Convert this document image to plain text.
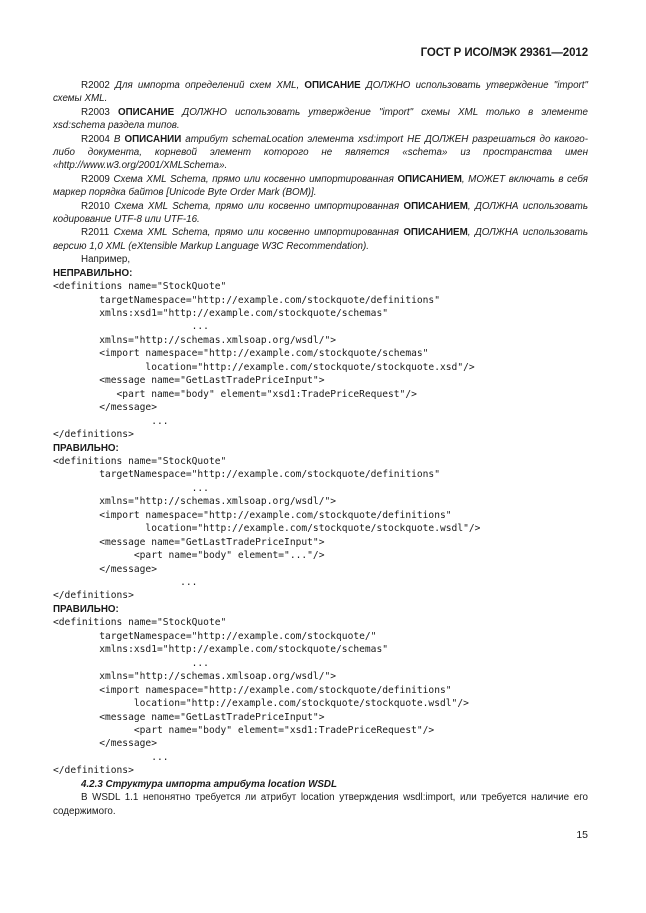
ГОСТ Р ИСО/МЭК 29361—2012

R2002 Для импорта определений схем XML, ОПИСАНИЕ ДОЛЖНО использовать утверждение "import" схемы XML.

R2003 ОПИСАНИЕ ДОЛЖНО использовать утверждение "import" схемы XML только в элементе xsd:schema раздела типов.

R2004 В ОПИСАНИИ атрибут schemaLocation элемента xsd:import НЕ ДОЛЖЕН разрешаться до какого-либо документа, корневой элемент которого не является «schema» из пространства имен «http://www.w3.org/2001/XMLSchema».

R2009 Схема XML Schema, прямо или косвенно импортированная ОПИСАНИЕМ, МОЖЕТ включать в себя маркер порядка байтов [Unicode Byte Order Mark (BOM)].

R2010 Схема XML Schema, прямо или косвенно импортированная ОПИСАНИЕМ, ДОЛЖНА использовать кодирование UTF-8 или UTF-16.

R2011 Схема XML Schema, прямо или косвенно импортированная ОПИСАНИЕМ, ДОЛЖНА использовать версию 1,0 XML (eXtensible Markup Language W3C Recommendation).

Например,

НЕПРАВИЛЬНО:

<definitions name="StockQuote"
targetNamespace="http://example.com/stockquote/definitions"
xmlns:xsd1="http://example.com/stockquote/schemas"
...
xmlns="http://schemas.xmlsoap.org/wsdl/">
<import namespace="http://example.com/stockquote/schemas"
location="http://example.com/stockquote/stockquote.xsd"/>
<message name="GetLastTradePriceInput">
<part name="body" element="xsd1:TradePriceRequest"/>
</message>
...
</definitions>

ПРАВИЛЬНО:

<definitions name="StockQuote"
targetNamespace="http://example.com/stockquote/definitions"
...
xmlns="http://schemas.xmlsoap.org/wsdl/">
<import namespace="http://example.com/stockquote/definitions"
location="http://example.com/stockquote/stockquote.wsdl"/>
<message name="GetLastTradePriceInput">
<part name="body" element="..."/>
</message>
...
</definitions>

ПРАВИЛЬНО:

<definitions name="StockQuote"
targetNamespace="http://example.com/stockquote/"
xmlns:xsd1="http://example.com/stockquote/schemas"
...
xmlns="http://schemas.xmlsoap.org/wsdl/">
<import namespace="http://example.com/stockquote/definitions"
location="http://example.com/stockquote/stockquote.wsdl"/>
<message name="GetLastTradePriceInput">
<part name="body" element="xsd1:TradePriceRequest"/>
</message>
...
</definitions>

4.2.3 Структура импорта атрибута location WSDL

В WSDL 1.1 непонятно требуется ли атрибут location утверждения wsdl:import, или требуется наличие его содержимого.

15
